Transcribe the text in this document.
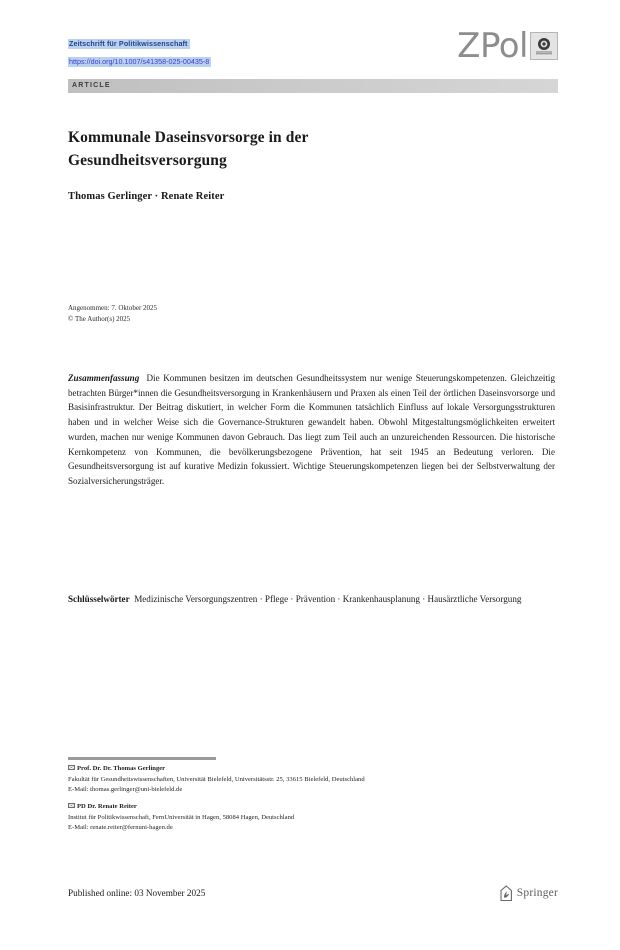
Zeitschrift für Politikwissenschaft
https://doi.org/10.1007/s41358-025-00435-8	ZPol
ARTICLE
Kommunale Daseinsvorsorge in der Gesundheitsversorgung
Thomas Gerlinger · Renate Reiter
Angenommen: 7. Oktober 2025
© The Author(s) 2025
Zusammenfassung Die Kommunen besitzen im deutschen Gesundheitssystem nur wenige Steuerungskompetenzen. Gleichzeitig betrachten Bürger*innen die Gesundheitsversorgung in Krankenhäusern und Praxen als einen Teil der örtlichen Daseinsvorsorge und Basisinfrastruktur. Der Beitrag diskutiert, in welcher Form die Kommunen tatsächlich Einfluss auf lokale Versorgungsstrukturen haben und in welcher Weise sich die Governance-Strukturen gewandelt haben. Obwohl Mitgestaltungsmöglichkeiten erweitert wurden, machen nur wenige Kommunen davon Gebrauch. Das liegt zum Teil auch an unzureichenden Ressourcen. Die historische Kernkompetenz von Kommunen, die bevölkerungsbezogene Prävention, hat seit 1945 an Bedeutung verloren. Die Gesundheitsversorgung ist auf kurative Medizin fokussiert. Wichtige Steuerungskompetenzen liegen bei der Selbstverwaltung der Sozialversicherungsträger.
Schlüsselwörter Medizinische Versorgungszentren · Pflege · Prävention · Krankenhausplanung · Hausärztliche Versorgung
Prof. Dr. Dr. Thomas Gerlinger
Fakultät für Gesundheitswissenschaften, Universität Bielefeld, Universitätsstr. 25, 33615 Bielefeld, Deutschland
E-Mail: thomas.gerlinger@uni-bielefeld.de
PD Dr. Renate Reiter
Institut für Politikwissenschaft, FernUniversität in Hagen, 58084 Hagen, Deutschland
E-Mail: renate.reiter@fernuni-hagen.de
Published online: 03 November 2025	Springer
